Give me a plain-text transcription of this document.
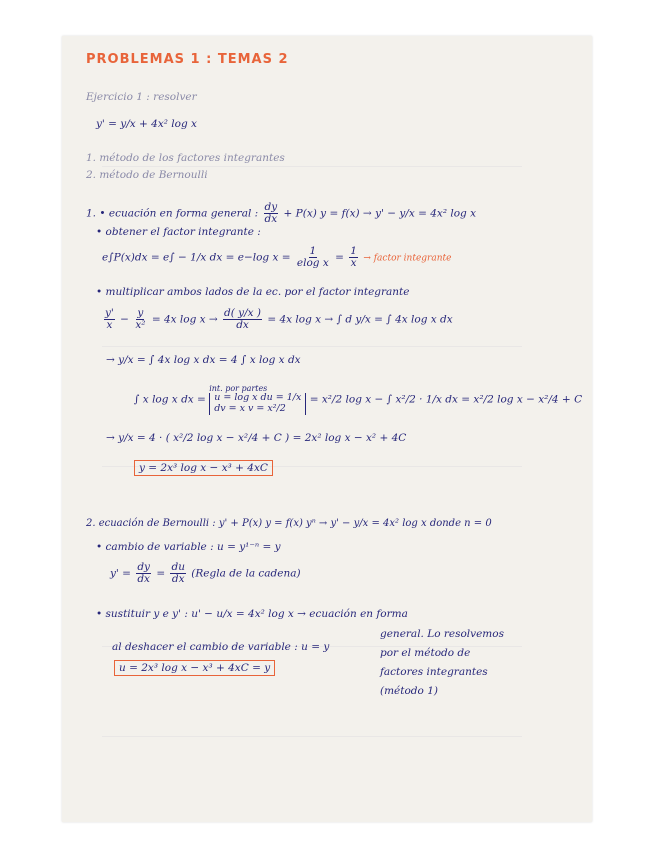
PROBLEMAS 1 : TEMAS 2
Ejercicio 1 : resolver
y' = y/x + 4x² log x
1. método de los factores integrantes
2. método de Bernoulli
1. • ecuación en forma general : $\frac{dy}{dx} + P(x) y = f(x) \to y' - y/x = 4x^2$ log x
• obtener el factor integrante :
e∫P(x)dx = e∫ − 1/x dx = e−log $x = \frac{1}{\text{elog x}} = \frac{1}{x}$ → factor integrante
• multiplicar ambos lados de la ec. por el factor integrante
$\frac{y'}{x} - \frac{y}{\text{x²}} = 4x$ $\log x \to \frac{d( y/x )}{dx} = 4x$ log x → ∫ d y/x = ∫ 4x log x dx
→ y/x = ∫ 4x log x dx = 4 ∫ x log x dx
∫ x log x dx =
int. por partes
u = log x du = 1/x
dv = x v = x²/2
= x²/2 log x − ∫ x²/2 · 1/x dx = x²/2 log x − x²/4 + C
→ y/x = 4 · ( x²/2 log x − x²/4 + C ) = 2x² log x − x² + 4C
y = 2x³ log x − x³ + 4xC
2. ecuación de Bernoulli : y' + P(x) y = f(x) yⁿ → y' − y/x = 4x² log x donde n = 0
• cambio de variable : u = y¹⁻ⁿ = y
$y' = \frac{dy}{dx} = \frac{du}{dx}$ (Regla de la cadena)
• sustituir y e y' : u' − u/x = 4x² log x → ecuación en forma
general. Lo resolvemos
al deshacer el cambio de variable : u = y	por el método de
factores integrantes
(método 1)
u = 2x³ log x − x³ + 4xC = y
